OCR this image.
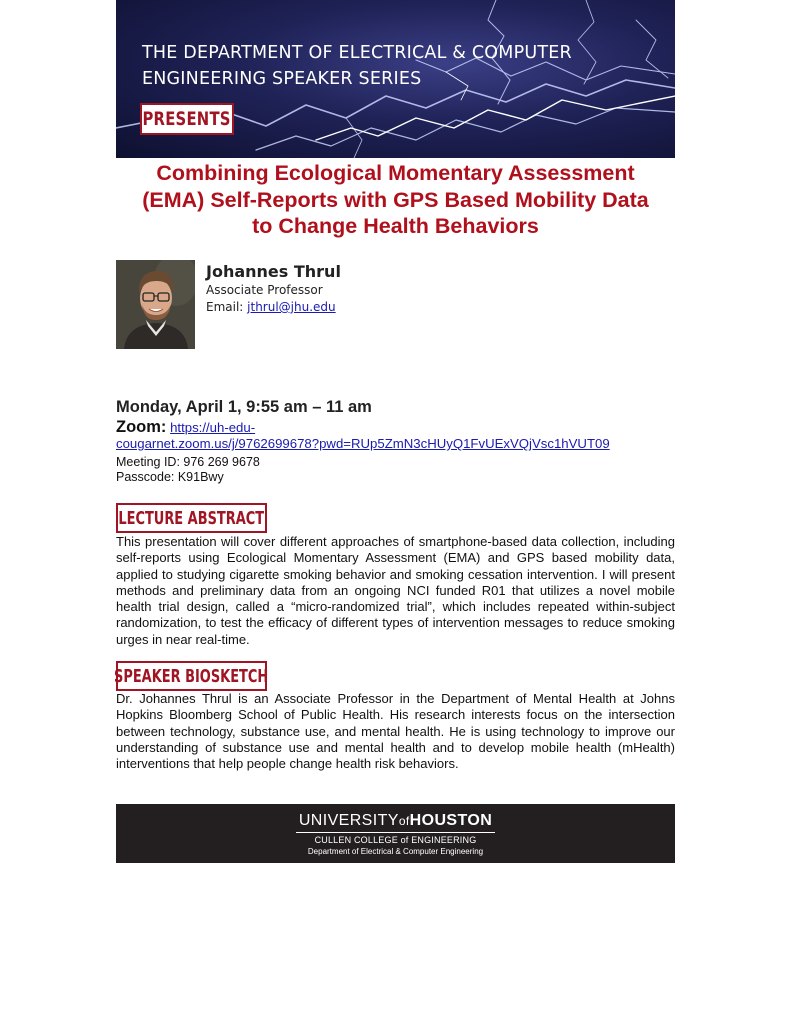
THE DEPARTMENT OF ELECTRICAL & COMPUTER
ENGINEERING SPEAKER SERIES
PRESENTS
Combining Ecological Momentary Assessment
(EMA) Self-Reports with GPS Based Mobility Data
to Change Health Behaviors
Johannes Thrul
Associate Professor
Email: jthrul@jhu.edu
Monday, April 1, 9:55 am – 11 am
Zoom: https://uh-edu-
cougarnet.zoom.us/j/9762699678?pwd=RUp5ZmN3cHUyQ1FvUExVQjVsc1hVUT09
Meeting ID: 976 269 9678
Passcode: K91Bwy
LECTURE ABSTRACT

This presentation will cover different approaches of smartphone-based data collection, including self-reports using Ecological Momentary Assessment (EMA) and GPS based mobility data, applied to studying cigarette smoking behavior and smoking cessation intervention. I will present methods and preliminary data from an ongoing NCI funded R01 that utilizes a novel mobile health trial design, called a “micro-randomized trial”, which includes repeated within-subject randomization, to test the efficacy of different types of intervention messages to reduce smoking urges in near real-time.

SPEAKER BIOSKETCH

Dr. Johannes Thrul is an Associate Professor in the Department of Mental Health at Johns Hopkins Bloomberg School of Public Health. His research interests focus on the intersection between technology, substance use, and mental health. He is using technology to improve our understanding of substance use and mental health and to develop mobile health (mHealth) interventions that help people change health risk behaviors.

UNIVERSITYofHOUSTON
CULLEN COLLEGE of ENGINEERING
Department of Electrical & Computer Engineering
